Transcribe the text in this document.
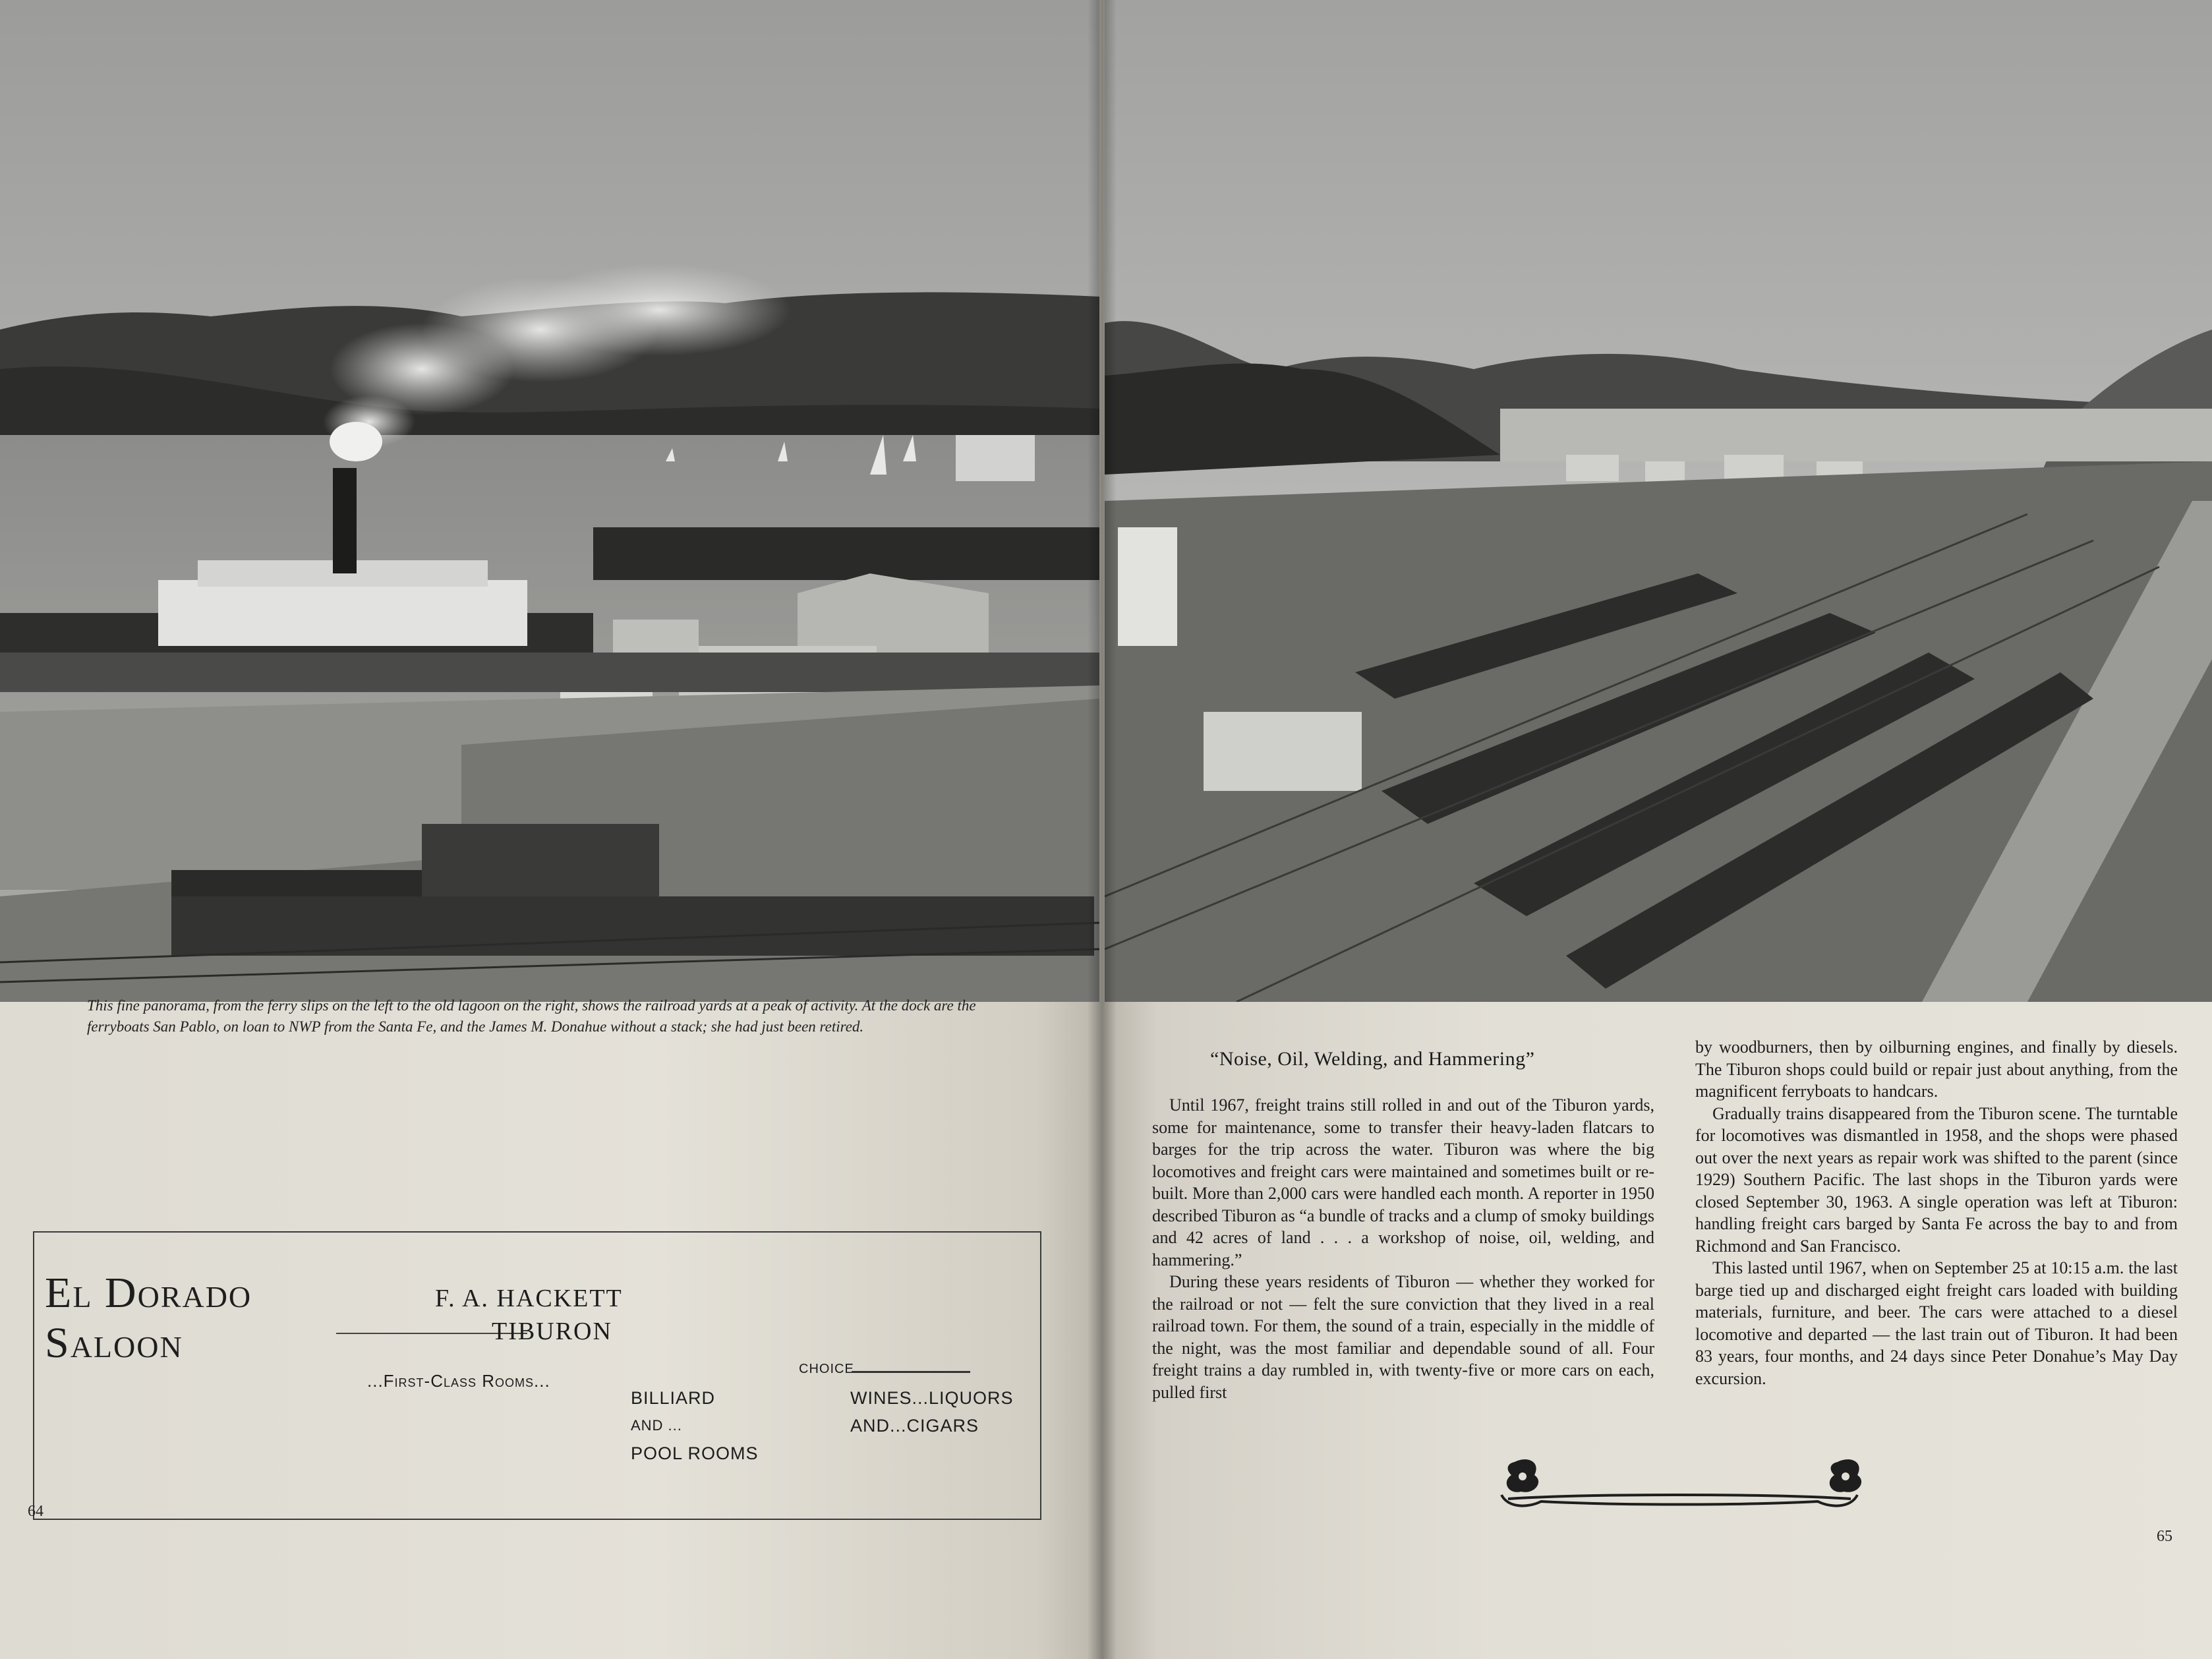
This fine panorama, from the ferry slips on the left to the old lagoon on the right, shows the railroad yards at a peak of activity. At the dock are the ferryboats San Pablo, on loan to NWP from the Santa Fe, and the James M. Donahue without a stack; she had just been retired.

El Dorado
Saloon
F. A. HACKETT
TIBURON
...First-Class Rooms...
CHOICE
BILLIARD
AND ...
POOL ROOMS
WINES...LIQUORS
AND...CIGARS
64
“Noise, Oil, Welding, and Hammering”

Until 1967, freight trains still rolled in and out of the Tiburon yards, some for maintenance, some to transfer their heavy-laden flatcars to barges for the trip across the water. Tiburon was where the big locomotives and freight cars were maintained and sometimes built or re-built. More than 2,000 cars were handled each month. A reporter in 1950 described Tiburon as “a bundle of tracks and a clump of smoky buildings and 42 acres of land . . . a workshop of noise, oil, welding, and hammering.”

During these years residents of Tiburon — whether they worked for the railroad or not — felt the sure conviction that they lived in a real railroad town. For them, the sound of a train, especially in the middle of the night, was the most familiar and dependable sound of all. Four freight trains a day rumbled in, with twenty-five or more cars on each, pulled first

by woodburners, then by oilburning engines, and finally by diesels. The Tiburon shops could build or repair just about anything, from the magnificent ferryboats to handcars.

Gradually trains disappeared from the Tiburon scene. The turntable for locomotives was dismantled in 1958, and the shops were phased out over the next years as repair work was shifted to the parent (since 1929) Southern Pacific. The last shops in the Tiburon yards were closed September 30, 1963. A single operation was left at Tiburon: handling freight cars barged by Santa Fe across the bay to and from Richmond and San Francisco.

This lasted until 1967, when on September 25 at 10:15 a.m. the last barge tied up and discharged eight freight cars loaded with building materials, furniture, and beer. The cars were attached to a diesel locomotive and departed — the last train out of Tiburon. It had been 83 years, four months, and 24 days since Peter Donahue’s May Day excursion.

65
